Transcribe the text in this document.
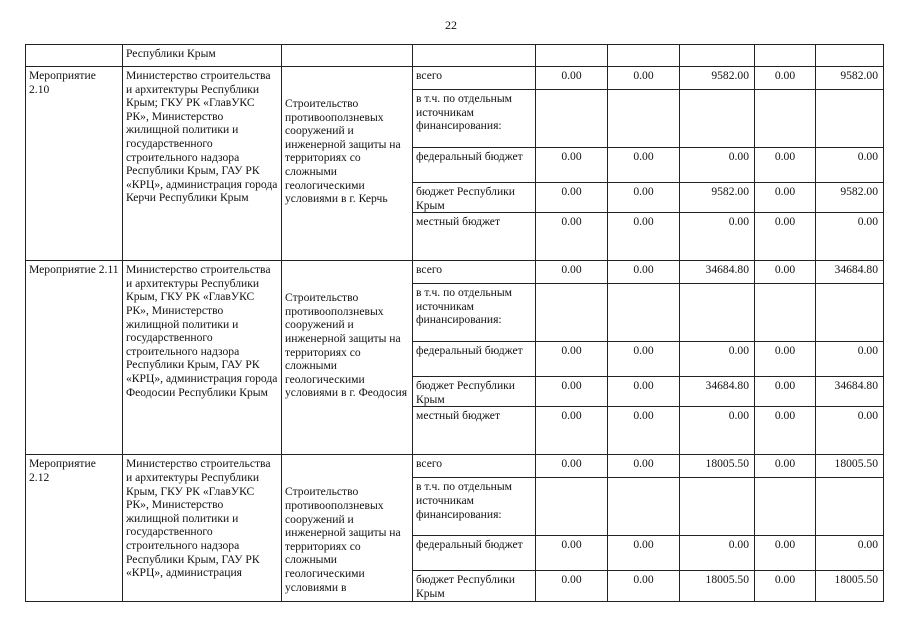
22

	Республики Крым							

Мероприятие 2.10	Министерство строительства и архитектуры Республики Крым; ГКУ РК «ГлавУКС РК», Министерство жилищной политики и государственного строительного надзора Республики Крым, ГАУ РК «КРЦ», администрация города Керчи Республики Крым	Строительство противооползневых сооружений и инженерной защиты на территориях со сложными геологическими условиями в г. Керчь	всего	0.00	0.00	9582.00	0.00	9582.00

			в т.ч. по отдельным источникам финансирования:					

			федеральный бюджет	0.00	0.00	0.00	0.00	0.00

			бюджет Республики Крым	0.00	0.00	9582.00	0.00	9582.00

			местный бюджет	0.00	0.00	0.00	0.00	0.00

Мероприятие 2.11	Министерство строительства и архитектуры Республики Крым, ГКУ РК «ГлавУКС РК», Министерство жилищной политики и государственного строительного надзора Республики Крым, ГАУ РК «КРЦ», администрация города Феодосии Республики Крым	Строительство противооползневых сооружений и инженерной защиты на территориях со сложными геологическими условиями в г. Феодосия	всего	0.00	0.00	34684.80	0.00	34684.80

			в т.ч. по отдельным источникам финансирования:					

			федеральный бюджет	0.00	0.00	0.00	0.00	0.00

			бюджет Республики Крым	0.00	0.00	34684.80	0.00	34684.80

			местный бюджет	0.00	0.00	0.00	0.00	0.00

Мероприятие 2.12	Министерство строительства и архитектуры Республики Крым, ГКУ РК «ГлавУКС РК», Министерство жилищной политики и государственного строительного надзора Республики Крым, ГАУ РК «КРЦ», администрация	Строительство противооползневых сооружений и инженерной защиты на территориях со сложными геологическими условиями в	всего	0.00	0.00	18005.50	0.00	18005.50

			в т.ч. по отдельным источникам финансирования:					

			федеральный бюджет	0.00	0.00	0.00	0.00	0.00

			бюджет Республики Крым	0.00	0.00	18005.50	0.00	18005.50
